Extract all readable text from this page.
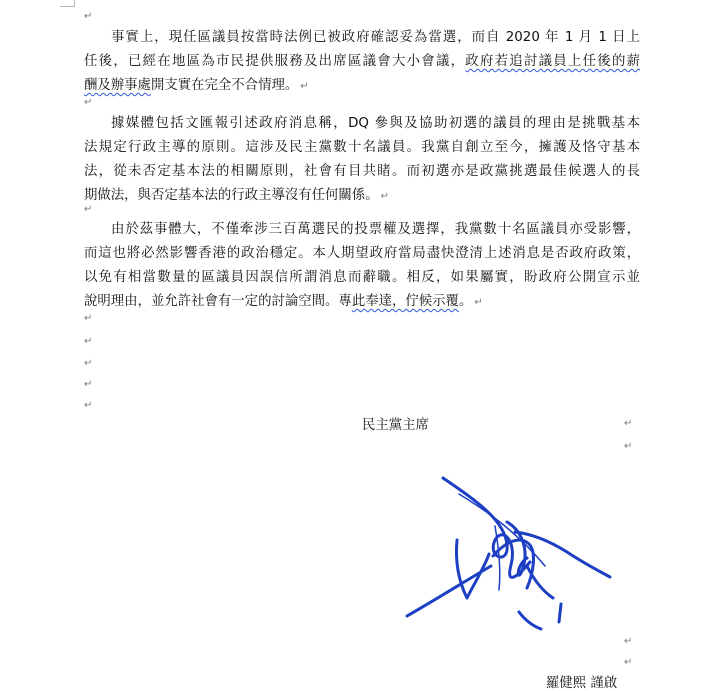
↵

事實上，現任區議員按當時法例已被政府確認妥為當選，而自 2020 年 1 月 1 日上

任後，已經在地區為市民提供服務及出席區議會大小會議，政府若追討議員上任後的薪

酬及辦事處開支實在完全不合情理。 ↵

↵

據媒體包括文匯報引述政府消息稱，DQ 參與及協助初選的議員的理由是挑戰基本

法規定行政主導的原則。這涉及民主黨數十名議員。我黨自創立至今，擁護及恪守基本

法，從未否定基本法的相關原則，社會有目共睹。而初選亦是政黨挑選最佳候選人的長

期做法，與否定基本法的行政主導沒有任何關係。 ↵

↵

由於茲事體大，不僅牽涉三百萬選民的投票權及選擇，我黨數十名區議員亦受影響，

而這也將必然影響香港的政治穩定。本人期望政府當局盡快澄清上述消息是否政府政策，

以免有相當數量的區議員因誤信所謂消息而辭職。相反，如果屬實，盼政府公開宣示並

說明理由，並允許社會有一定的討論空間。專此奉達，佇候示覆。 ↵

↵
↵
↵
↵
↵
民主黨主席	↵
↵
↵
↵
羅健熙 謹啟
